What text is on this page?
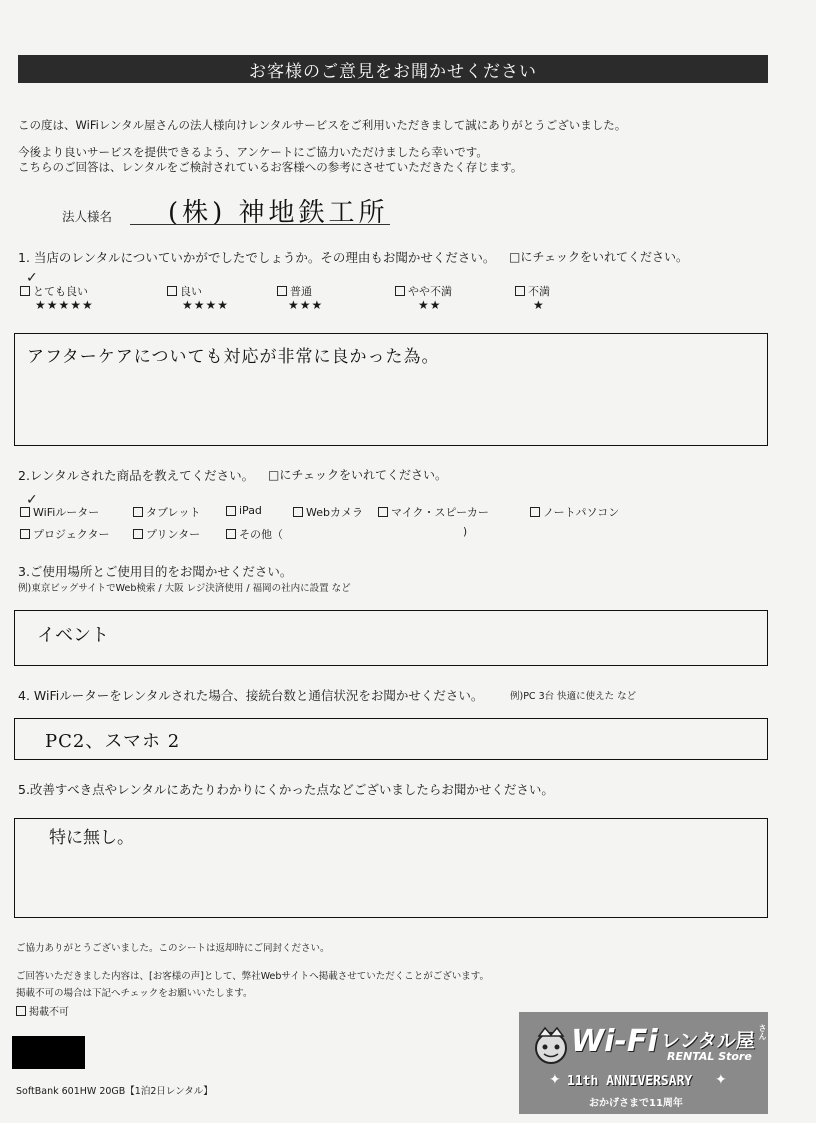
お客様のご意見をお聞かせください
この度は、WiFiレンタル屋さんの法人様向けレンタルサービスをご利用いただきまして誠にありがとうございました。
今後より良いサービスを提供できるよう、アンケートにご協力いただけましたら幸いです。
こちらのご回答は、レンタルをご検討されているお客様への参考にさせていただきたく存じます。
法人様名 (株) 神地鉄工所
1. 当店のレンタルについていかがでしたでしょうか。その理由もお聞かせください。 □にチェックをいれてください。
とても良い
✓
★★★★★
良い
★★★★
普通
★★★
やや不満
★★
不満
★
アフターケアについても対応が非常に良かった為。
2.レンタルされた商品を教えてください。 □にチェックをいれてください。
✓
WiFiルーター	タブレット	iPad	Webカメラ	マイク・スピーカー	ノートパソコン
プロジェクター	プリンター	その他（	)
3.ご使用場所とご使用目的をお聞かせください。
例)東京ビッグサイトでWeb検索 / 大阪 レジ決済使用 / 福岡の社内に設置 など
イベント
4. WiFiルーターをレンタルされた場合、接続台数と通信状況をお聞かせください。	例)PC 3台 快適に使えた など
PC2、スマホ 2
5.改善すべき点やレンタルにあたりわかりにくかった点などございましたらお聞かせください。
特に無し。
ご協力ありがとうございました。このシートは返却時にご同封ください。
ご回答いただきました内容は、[お客様の声]として、弊社Webサイトへ掲載させていただくことがございます。
掲載不可の場合は下記へチェックをお願いいたします。
掲載不可
SoftBank 601HW 20GB【1泊2日レンタル】
Wi-Fi レンタル屋 さん
RENTAL Store
11th ANNIVERSARY
おかげさまで11周年
✦	✦
